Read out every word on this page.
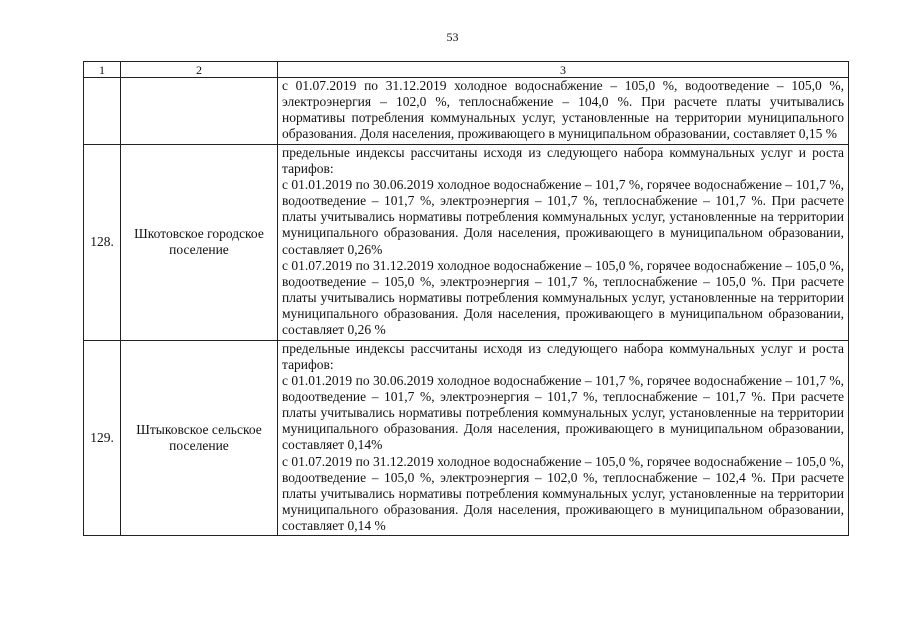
53
1	2	3

		с 01.07.2019 по 31.12.2019 холодное водоснабжение – 105,0 %, водоотведение – 105,0 %, электроэнергия – 102,0 %, теплоснабжение – 104,0 %. При расчете платы учитывались нормативы потребления коммунальных услуг, установленные на территории муниципального образования. Доля населения, проживающего в муниципальном образовании, составляет 0,15 %

128.	Шкотовское городское поселение	предельные индексы рассчитаны исходя из следующего набора коммунальных услуг и роста тарифов:

с 01.01.2019 по 30.06.2019 холодное водоснабжение – 101,7 %, горячее водоснабжение – 101,7 %, водоотведение – 101,7 %, электроэнергия – 101,7 %, теплоснабжение – 101,7 %. При расчете платы учитывались нормативы потребления коммунальных услуг, установленные на территории муниципального образования. Доля населения, проживающего в муниципальном образовании, составляет 0,26%

с 01.07.2019 по 31.12.2019 холодное водоснабжение – 105,0 %, горячее водоснабжение – 105,0 %, водоотведение – 105,0 %, электроэнергия – 101,7 %, теплоснабжение – 105,0 %. При расчете платы учитывались нормативы потребления коммунальных услуг, установленные на территории муниципального образования. Доля населения, проживающего в муниципальном образовании, составляет 0,26 %

129.	Штыковское сельское поселение	предельные индексы рассчитаны исходя из следующего набора коммунальных услуг и роста тарифов:

с 01.01.2019 по 30.06.2019 холодное водоснабжение – 101,7 %, горячее водоснабжение – 101,7 %, водоотведение – 101,7 %, электроэнергия – 101,7 %, теплоснабжение – 101,7 %. При расчете платы учитывались нормативы потребления коммунальных услуг, установленные на территории муниципального образования. Доля населения, проживающего в муниципальном образовании, составляет 0,14%

с 01.07.2019 по 31.12.2019 холодное водоснабжение – 105,0 %, горячее водоснабжение – 105,0 %, водоотведение – 105,0 %, электроэнергия – 102,0 %, теплоснабжение – 102,4 %. При расчете платы учитывались нормативы потребления коммунальных услуг, установленные на территории муниципального образования. Доля населения, проживающего в муниципальном образовании, составляет 0,14 %
